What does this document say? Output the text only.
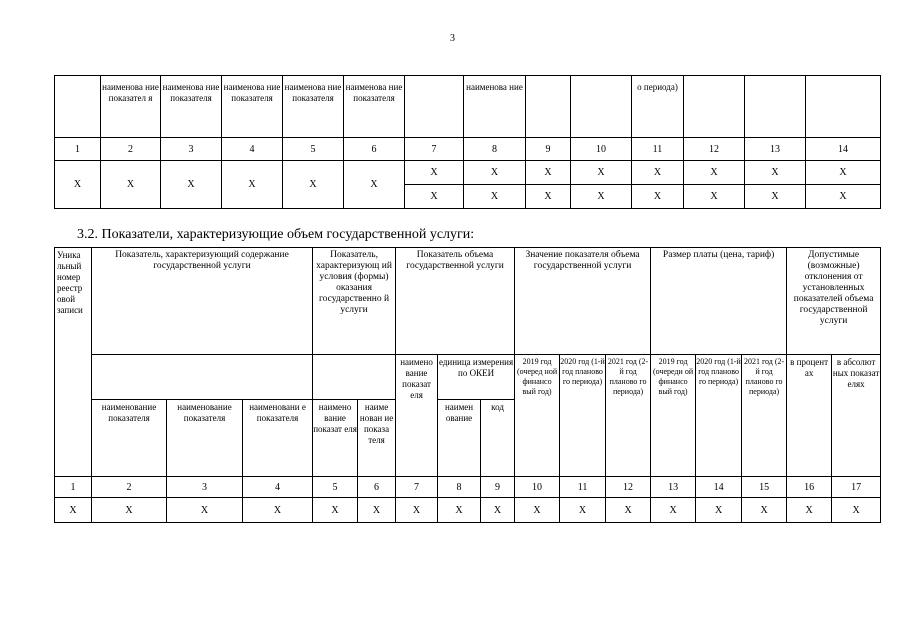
3
	наименова ние показател я	наименова ние показателя	наименова ние показателя	наименова ние показателя	наименова ние показателя		наименова ние			о периода)			
1	2	3	4	5	6	7	8	9	10	11	12	13	14
X	X	X	X	X	X	X	X	X	X	X	X	X	X
						X	X	X	X	X	X	X	X
3.2. Показатели, характеризующие объем государственной услуги:
Уника льный номер реестр овой записи	Показатель, характеризующий содержание государственной услуги			Показатель, характеризующ ий условия (формы) оказания государственно й услуги		Показатель объема государственной услуги			Значение показателя объема государственной услуги			Размер платы (цена, тариф)			Допустимые (возможные) отклонения от установленных показателей объема государственной услуги	
						наимено вание показат еля	единица измерения по ОКЕИ		2019 год (очеред ной финансо вый год)	2020 год (1-й год планово го периода)	2021 год (2-й год планово го периода)	2019 год (очереди ой финансо вый год)	2020 год (1-й год планово го периода)	2021 год (2-й год планово го периода)	в процент ах	в абсолют ных показат елях
							наимен ование	код								
	наименование показателя	наименование показателя	наименовани е показателя	наимено вание показат еля	наиме нован ие показа теля											
1	2	3	4	5	6	7	8	9	10	11	12	13	14	15	16	17
X	X	X	X	X	X	X	X	X	X	X	X	X	X	X	X	X
